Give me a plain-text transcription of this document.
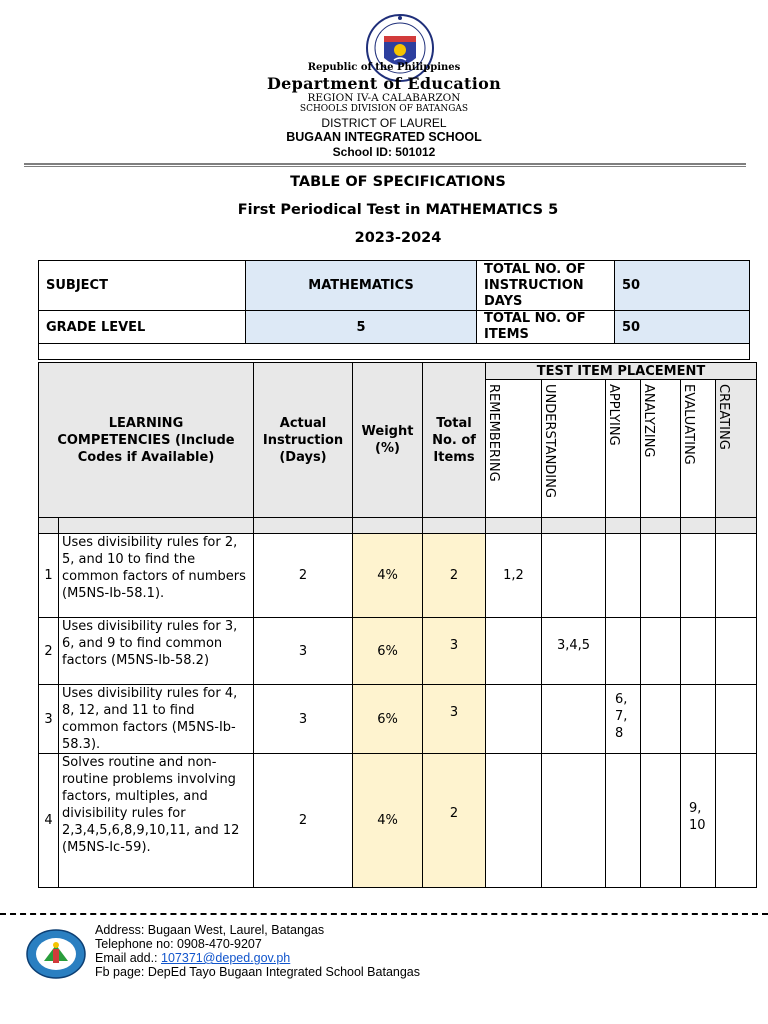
Republic of the Philippines
Department of Education
REGION IV-A CALABARZON
SCHOOLS DIVISION OF BATANGAS
DISTRICT OF LAUREL
BUGAAN INTEGRATED SCHOOL
School ID: 501012
TABLE OF SPECIFICATIONS
First Periodical Test in MATHEMATICS 5
2023-2024
SUBJECT	MATHEMATICS	TOTAL NO. OF INSTRUCTION DAYS	50
GRADE LEVEL	5	TOTAL NO. OF ITEMS	50

LEARNING COMPETENCIES (Include Codes if Available)		Actual Instruction (Days)	Weight (%)	Total No. of Items	TEST ITEM PLACEMENT					

					REMEMBERING	UNDERSTANDING	APPLYING	ANALYZING	EVALUATING	CREATING

1	Uses divisibility rules for 2, 5, and 10 to find the common factors of numbers (M5NS-Ib-58.1).	2	4%	2	1,2					
2	Uses divisibility rules for 3, 6, and 9 to find common factors (M5NS-Ib-58.2)	3	6%	3		3,4,5				
3	Uses divisibility rules for 4, 8, 12, and 11 to find common factors (M5NS-Ib-58.3).	3	6%	3			6, 7, 8			
4	Solves routine and non-routine problems involving factors, multiples, and divisibility rules for 2,3,4,5,6,8,9,10,11, and 12 (M5NS-Ic-59).	2	4%	2					9, 10	
Address: Bugaan West, Laurel, Batangas
Telephone no: 0908-470-9207
Email add.: 107371@deped.gov.ph
Fb page: DepEd Tayo Bugaan Integrated School Batangas
